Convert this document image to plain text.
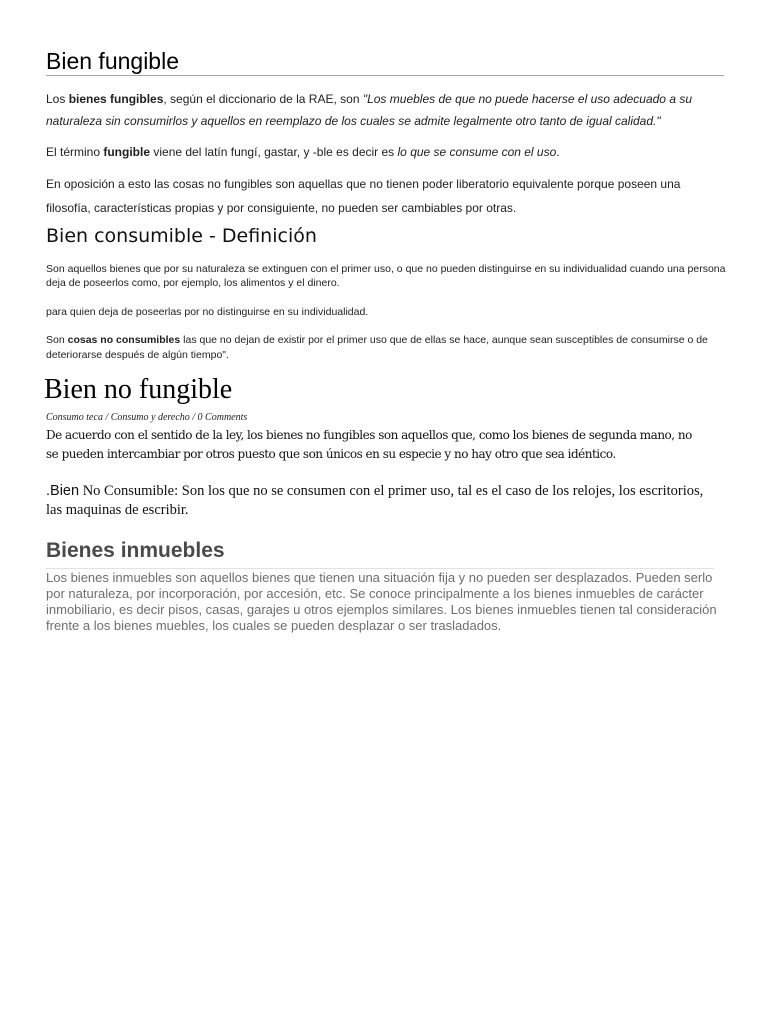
Bien fungible

Los bienes fungibles, según el diccionario de la RAE, son "Los muebles de que no puede hacerse el uso adecuado a su naturaleza sin consumirlos y aquellos en reemplazo de los cuales se admite legalmente otro tanto de igual calidad."

El término fungible viene del latín fungí, gastar, y -ble es decir es lo que se consume con el uso.

En oposición a esto las cosas no fungibles son aquellas que no tienen poder liberatorio equivalente porque poseen una filosofía, características propias y por consiguiente, no pueden ser cambiables por otras.

Bien consumible - Definición

Son aquellos bienes que por su naturaleza se extinguen con el primer uso, o que no pueden distinguirse en su individualidad cuando una persona deja de poseerlos como, por ejemplo, los alimentos y el dinero.

para quien deja de poseerlas por no distinguirse en su individualidad.

Son cosas no consumibles las que no dejan de existir por el primer uso que de ellas se hace, aunque sean susceptibles de consumirse o de deteriorarse después de algún tiempo".

Bien no fungible
Consumo teca / Consumo y derecho / 0 Comments

De acuerdo con el sentido de la ley, los bienes no fungibles son aquellos que, como los bienes de segunda mano, no se pueden intercambiar por otros puesto que son únicos en su especie y no hay otro que sea idéntico.

.Bien No Consumible: Son los que no se consumen con el primer uso, tal es el caso de los relojes, los escritorios, las maquinas de escribir.

Bienes inmuebles

Los bienes inmuebles son aquellos bienes que tienen una situación fija y no pueden ser desplazados. Pueden serlo por naturaleza, por incorporación, por accesión, etc. Se conoce principalmente a los bienes inmuebles de carácter inmobiliario, es decir pisos, casas, garajes u otros ejemplos similares. Los bienes inmuebles tienen tal consideración frente a los bienes muebles, los cuales se pueden desplazar o ser trasladados.
